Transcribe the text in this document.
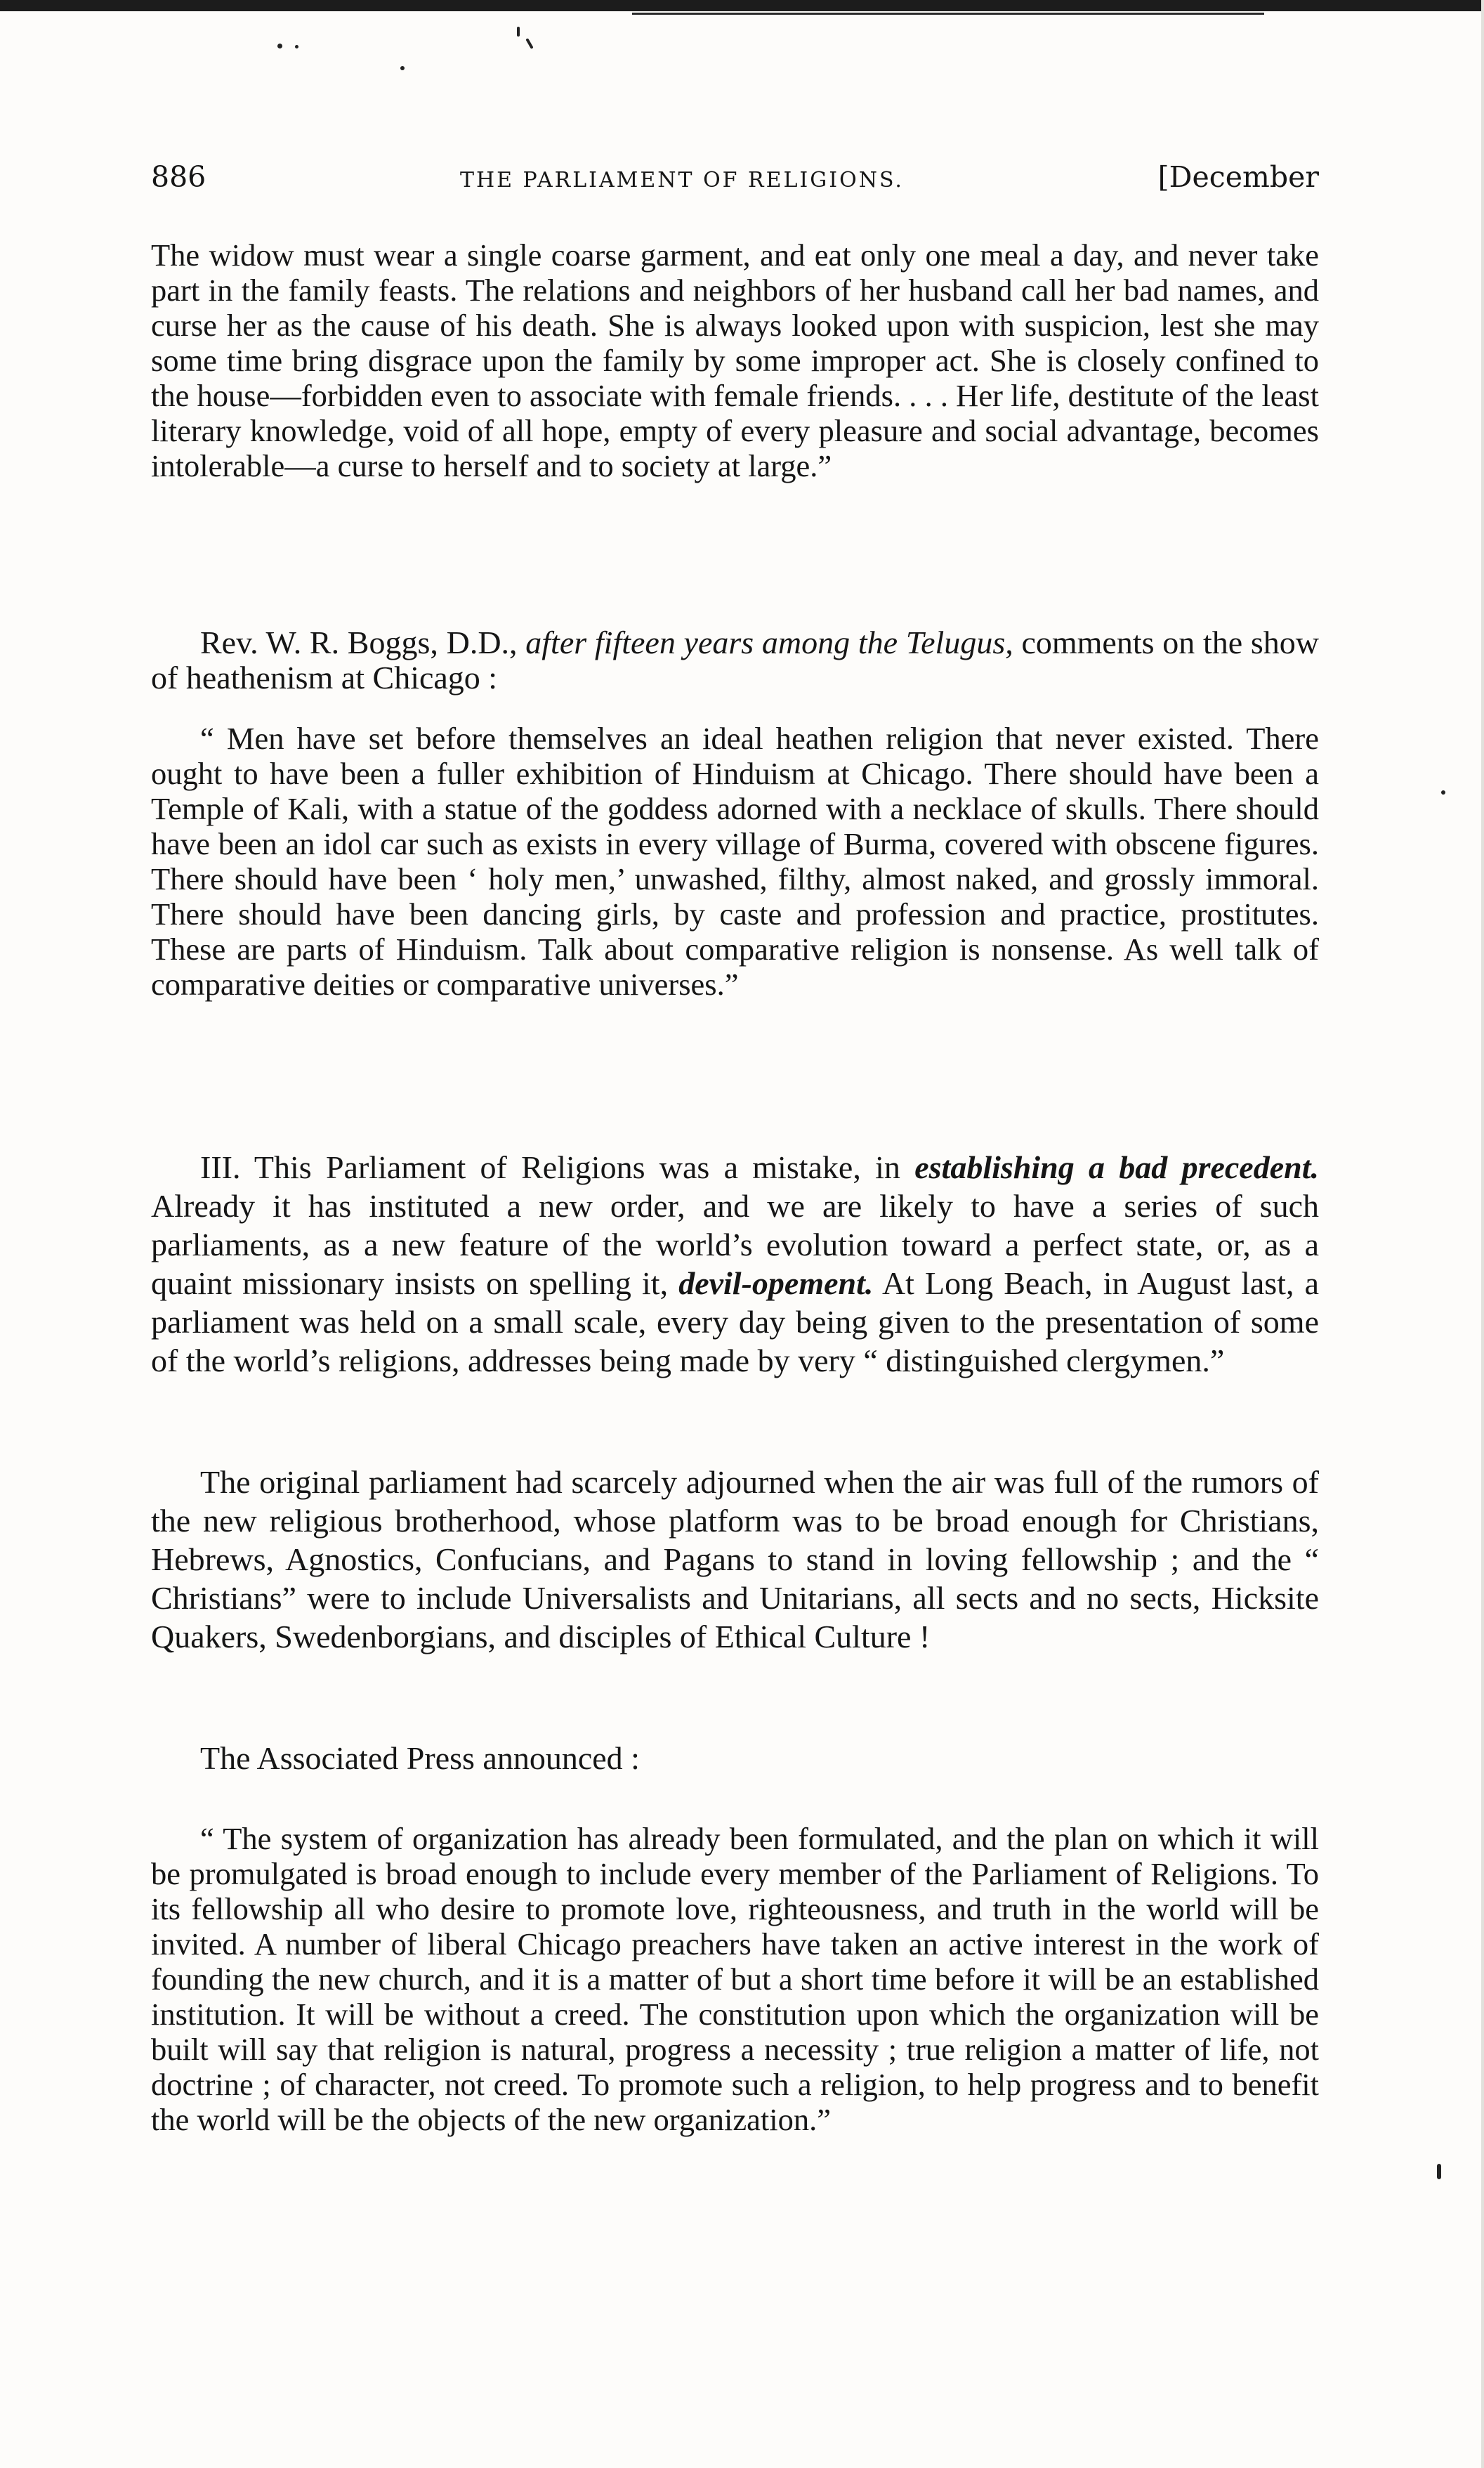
886	THE PARLIAMENT OF RELIGIONS.	[December

The widow must wear a single coarse garment, and eat only one meal a day, and never take part in the family feasts. The relations and neighbors of her husband call her bad names, and curse her as the cause of his death. She is always looked upon with suspicion, lest she may some time bring disgrace upon the family by some improper act. She is closely confined to the house—forbidden even to associate with female friends. . . . Her life, destitute of the least literary knowledge, void of all hope, empty of every pleasure and social advantage, becomes intolerable—a curse to herself and to society at large.”

Rev. W. R. Boggs, D.D., after fifteen years among the Telugus, comments on the show of heathenism at Chicago :

“ Men have set before themselves an ideal heathen religion that never existed. There ought to have been a fuller exhibition of Hinduism at Chicago. There should have been a Temple of Kali, with a statue of the goddess adorned with a necklace of skulls. There should have been an idol car such as exists in every village of Burma, covered with obscene figures. There should have been ‘ holy men,’ unwashed, filthy, almost naked, and grossly immoral. There should have been dancing girls, by caste and profession and practice, prostitutes. These are parts of Hinduism. Talk about comparative religion is nonsense. As well talk of comparative deities or comparative universes.”

III. This Parliament of Religions was a mistake, in establishing a bad precedent. Already it has instituted a new order, and we are likely to have a series of such parliaments, as a new feature of the world’s evolution toward a perfect state, or, as a quaint missionary insists on spelling it, devil-opement. At Long Beach, in August last, a parliament was held on a small scale, every day being given to the presentation of some of the world’s religions, addresses being made by very “ distinguished clergymen.”

The original parliament had scarcely adjourned when the air was full of the rumors of the new religious brotherhood, whose platform was to be broad enough for Christians, Hebrews, Agnostics, Confucians, and Pagans to stand in loving fellowship ; and the “ Christians” were to include Universalists and Unitarians, all sects and no sects, Hicksite Quakers, Swedenborgians, and disciples of Ethical Culture !

The Associated Press announced :

“ The system of organization has already been formulated, and the plan on which it will be promulgated is broad enough to include every member of the Parliament of Religions. To its fellowship all who desire to promote love, righteousness, and truth in the world will be invited. A number of liberal Chicago preachers have taken an active interest in the work of founding the new church, and it is a matter of but a short time before it will be an established institution. It will be without a creed. The constitution upon which the organization will be built will say that religion is natural, progress a necessity ; true religion a matter of life, not doctrine ; of character, not creed. To promote such a religion, to help progress and to benefit the world will be the objects of the new organization.”
